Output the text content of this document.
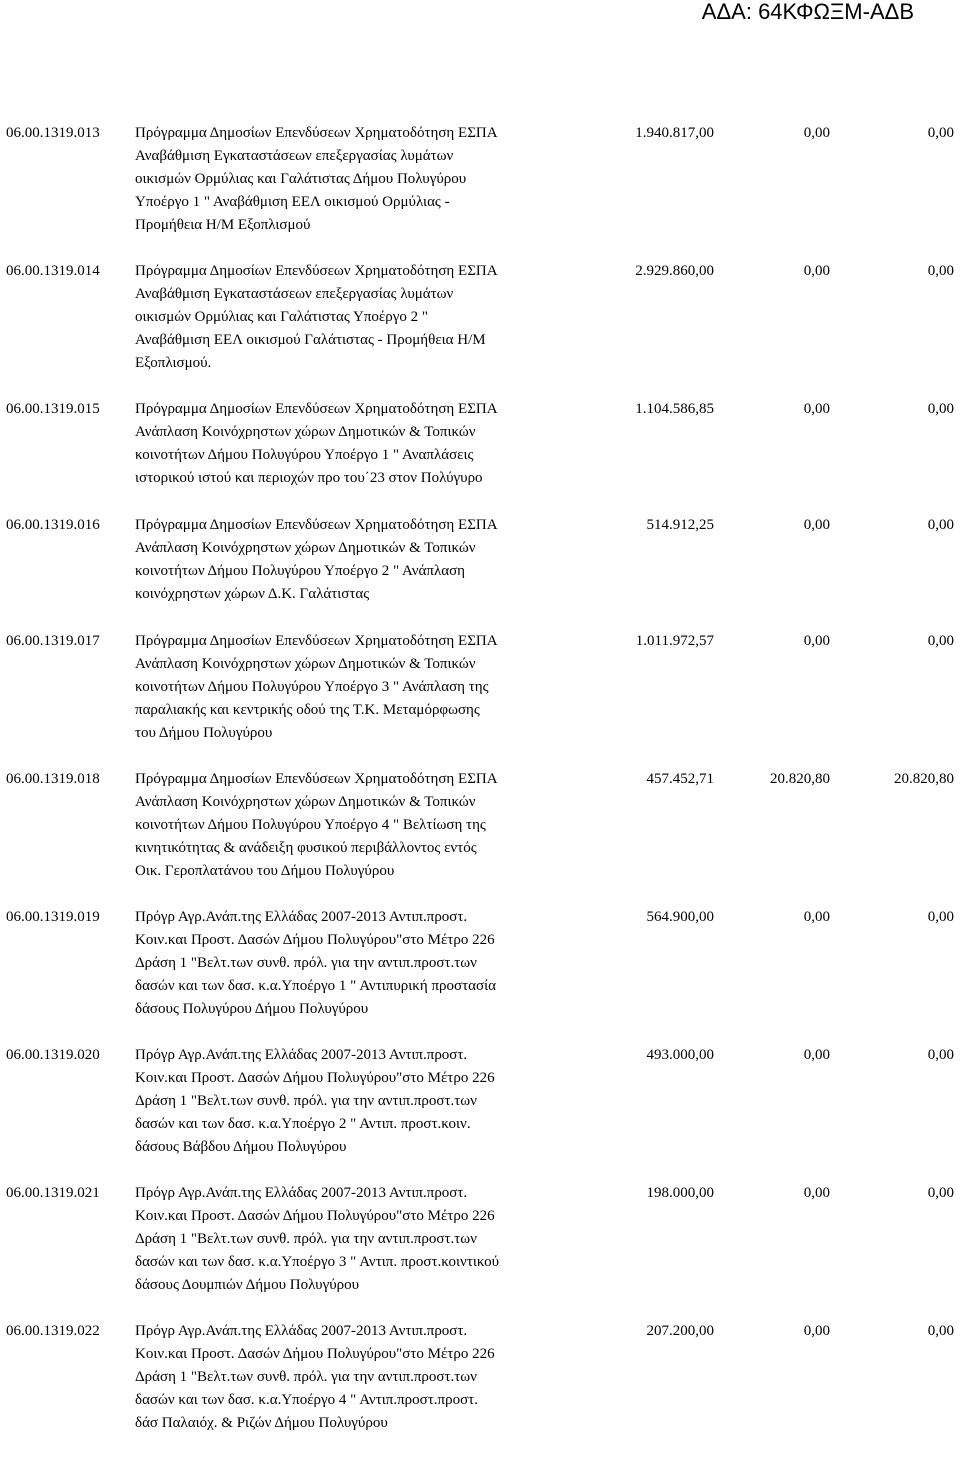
ΑΔΑ: 64ΚΦΩΞΜ-ΑΔΒ
06.00.1319.013 Πρόγραμμα Δημοσίων Επενδύσεων Χρηματοδότηση ΕΣΠΑ
Αναβάθμιση Εγκαταστάσεων επεξεργασίας λυμάτων
οικισμών Ορμύλιας και Γαλάτιστας Δήμου Πολυγύρου
Υποέργο 1 " Αναβάθμιση ΕΕΛ οικισμού Ορμύλιας -
Προμήθεια Η/Μ Εξοπλισμού
1.940.817,00	0,00	0,00
06.00.1319.014 Πρόγραμμα Δημοσίων Επενδύσεων Χρηματοδότηση ΕΣΠΑ
Αναβάθμιση Εγκαταστάσεων επεξεργασίας λυμάτων
οικισμών Ορμύλιας και Γαλάτιστας Υποέργο 2 "
Αναβάθμιση ΕΕΛ οικισμού Γαλάτιστας - Προμήθεια Η/Μ
Εξοπλισμού.
2.929.860,00	0,00	0,00
06.00.1319.015 Πρόγραμμα Δημοσίων Επενδύσεων Χρηματοδότηση ΕΣΠΑ
Ανάπλαση Κοινόχρηστων χώρων Δημοτικών & Τοπικών
κοινοτήτων Δήμου Πολυγύρου Υποέργο 1 " Αναπλάσεις
ιστορικού ιστού και περιοχών προ του΄23 στον Πολύγυρο
1.104.586,85	0,00	0,00
06.00.1319.016 Πρόγραμμα Δημοσίων Επενδύσεων Χρηματοδότηση ΕΣΠΑ
Ανάπλαση Κοινόχρηστων χώρων Δημοτικών & Τοπικών
κοινοτήτων Δήμου Πολυγύρου Υποέργο 2 " Ανάπλαση
κοινόχρηστων χώρων Δ.Κ. Γαλάτιστας
514.912,25	0,00	0,00
06.00.1319.017 Πρόγραμμα Δημοσίων Επενδύσεων Χρηματοδότηση ΕΣΠΑ
Ανάπλαση Κοινόχρηστων χώρων Δημοτικών & Τοπικών
κοινοτήτων Δήμου Πολυγύρου Υποέργο 3 " Ανάπλαση της
παραλιακής και κεντρικής οδού της Τ.Κ. Μεταμόρφωσης
του Δήμου Πολυγύρου
1.011.972,57	0,00	0,00
06.00.1319.018 Πρόγραμμα Δημοσίων Επενδύσεων Χρηματοδότηση ΕΣΠΑ
Ανάπλαση Κοινόχρηστων χώρων Δημοτικών & Τοπικών
κοινοτήτων Δήμου Πολυγύρου Υποέργο 4 " Βελτίωση της
κινητικότητας & ανάδειξη φυσικού περιβάλλοντος εντός
Οικ. Γεροπλατάνου του Δήμου Πολυγύρου
457.452,71	20.820,80	20.820,80
06.00.1319.019 Πρόγρ Αγρ.Ανάπ.της Ελλάδας 2007-2013 Αντιπ.προστ.
Κοιν.και Προστ. Δασών Δήμου Πολυγύρου"στο Μέτρο 226
Δράση 1 "Βελτ.των συνθ. πρόλ. για την αντιπ.προστ.των
δασών και των δασ. κ.α.Υποέργο 1 " Αντιπυρική προστασία
δάσους Πολυγύρου Δήμου Πολυγύρου
564.900,00	0,00	0,00
06.00.1319.020 Πρόγρ Αγρ.Ανάπ.της Ελλάδας 2007-2013 Αντιπ.προστ.
Κοιν.και Προστ. Δασών Δήμου Πολυγύρου"στο Μέτρο 226
Δράση 1 "Βελτ.των συνθ. πρόλ. για την αντιπ.προστ.των
δασών και των δασ. κ.α.Υποέργο 2 " Αντιπ. προστ.κοιν.
δάσους Βάβδου Δήμου Πολυγύρου
493.000,00	0,00	0,00
06.00.1319.021 Πρόγρ Αγρ.Ανάπ.της Ελλάδας 2007-2013 Αντιπ.προστ.
Κοιν.και Προστ. Δασών Δήμου Πολυγύρου"στο Μέτρο 226
Δράση 1 "Βελτ.των συνθ. πρόλ. για την αντιπ.προστ.των
δασών και των δασ. κ.α.Υποέργο 3 " Αντιπ. προστ.κοιντικού
δάσους Δουμπιών Δήμου Πολυγύρου
198.000,00	0,00	0,00
06.00.1319.022 Πρόγρ Αγρ.Ανάπ.της Ελλάδας 2007-2013 Αντιπ.προστ.
Κοιν.και Προστ. Δασών Δήμου Πολυγύρου"στο Μέτρο 226
Δράση 1 "Βελτ.των συνθ. πρόλ. για την αντιπ.προστ.των
δασών και των δασ. κ.α.Υποέργο 4 " Αντιπ.προστ.προστ.
δάσ Παλαιόχ. & Ριζών Δήμου Πολυγύρου
207.200,00	0,00	0,00
